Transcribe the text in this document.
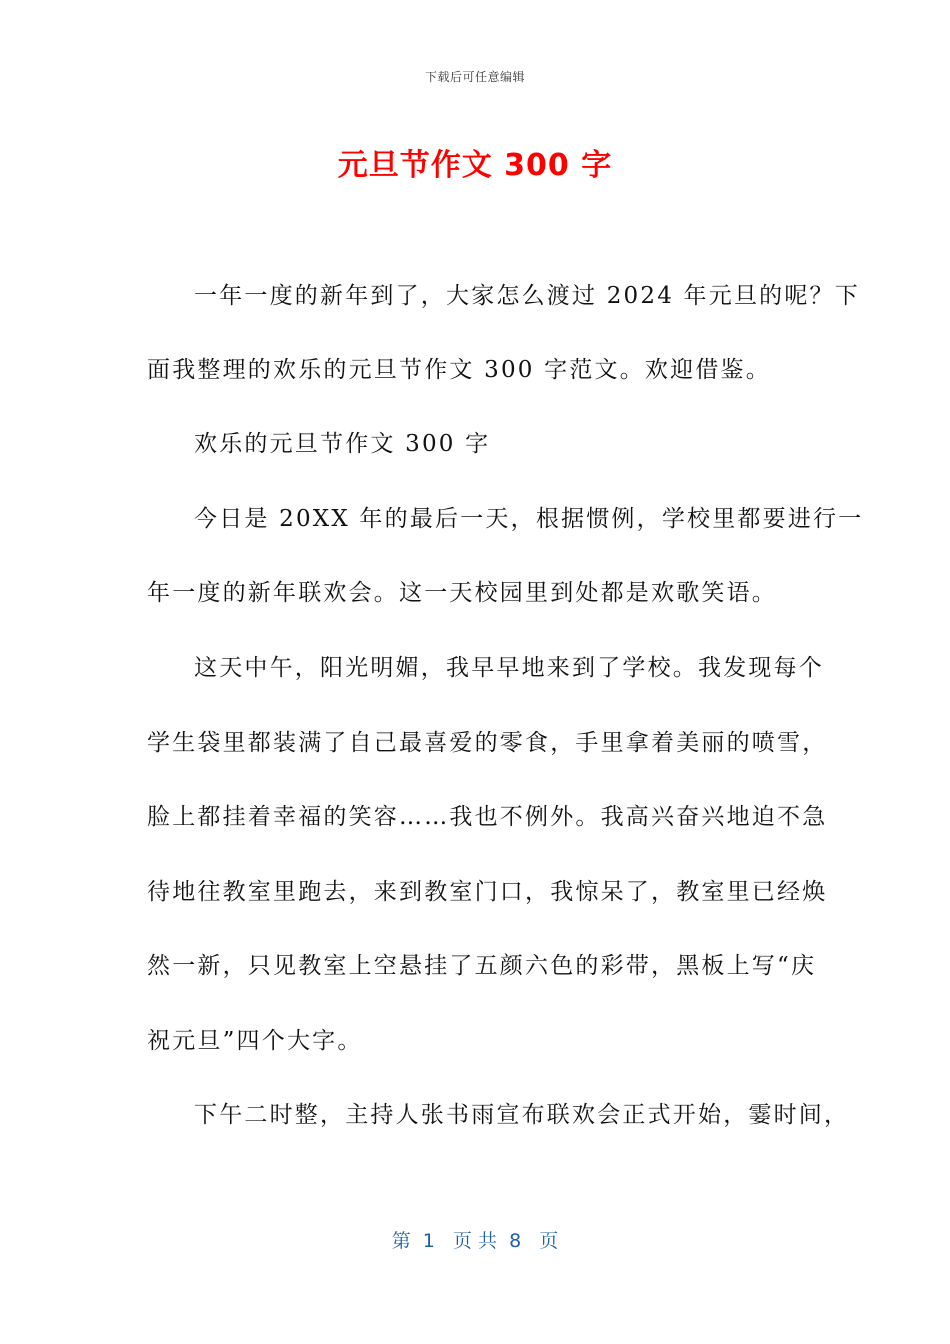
下载后可任意编辑
元旦节作文 300 字
一年一度的新年到了，大家怎么渡过 2024 年元旦的呢？下
面我整理的欢乐的元旦节作文 300 字范文。欢迎借鉴。
欢乐的元旦节作文 300 字
今日是 20XX 年的最后一天，根据惯例，学校里都要进行一
年一度的新年联欢会。这一天校园里到处都是欢歌笑语。
这天中午，阳光明媚，我早早地来到了学校。我发现每个
学生袋里都装满了自己最喜爱的零食，手里拿着美丽的喷雪，
脸上都挂着幸福的笑容……我也不例外。我高兴奋兴地迫不急
待地往教室里跑去，来到教室门口，我惊呆了，教室里已经焕
然一新，只见教室上空悬挂了五颜六色的彩带，黑板上写“庆
祝元旦”四个大字。
下午二时整，主持人张书雨宣布联欢会正式开始，霎时间，
第  1   页 共  8   页
